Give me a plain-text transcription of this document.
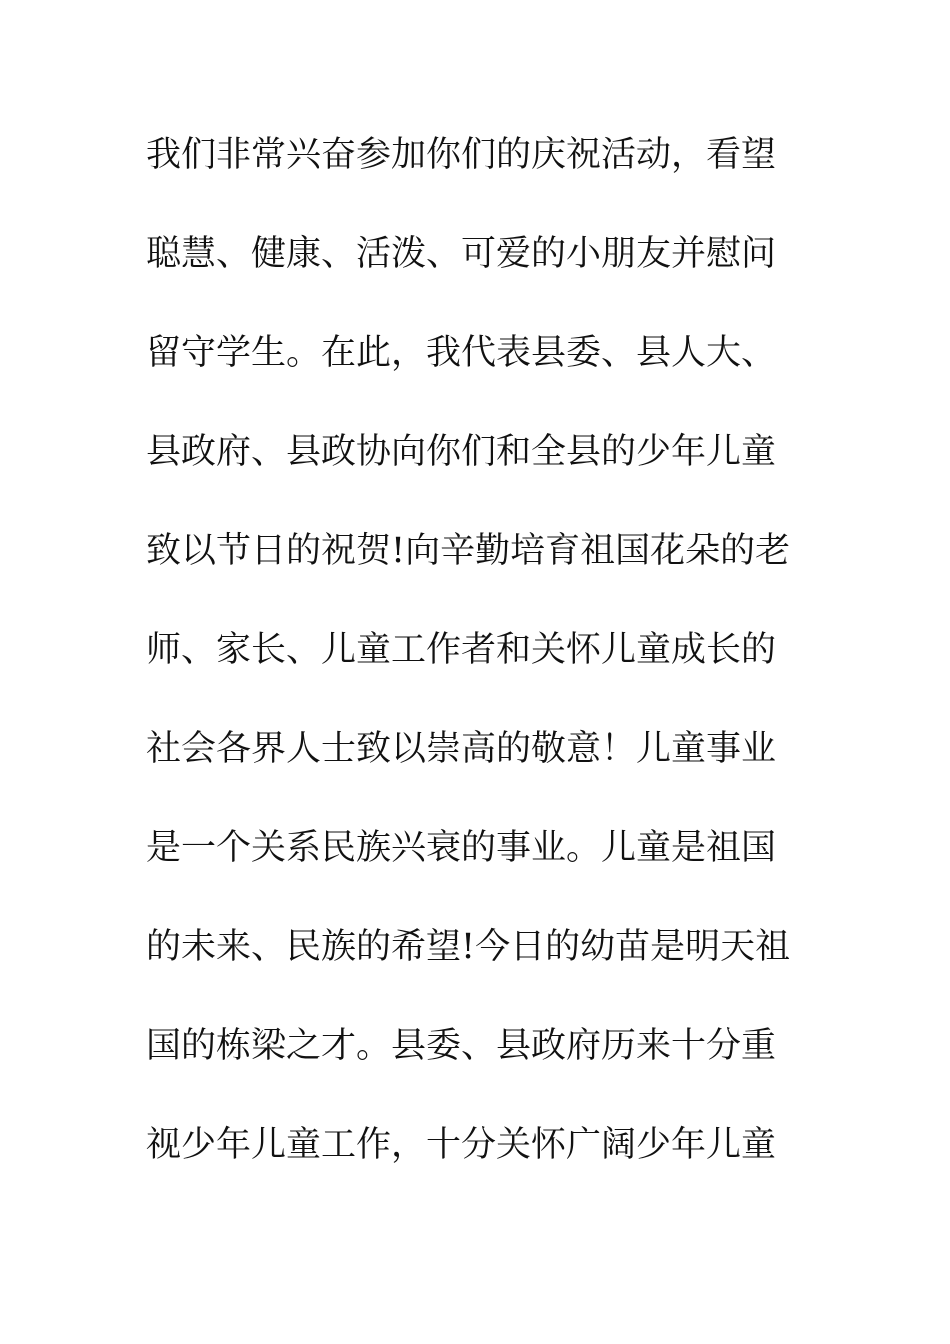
我们非常兴奋参加你们的庆祝活动，看望
聪慧、健康、活泼、可爱的小朋友并慰问
留守学生。在此，我代表县委、县人大、
县政府、县政协向你们和全县的少年儿童
致以节日的祝贺!向辛勤培育祖国花朵的老
师、家长、儿童工作者和关怀儿童成长的
社会各界人士致以崇高的敬意！儿童事业
是一个关系民族兴衰的事业。儿童是祖国
的未来、民族的希望!今日的幼苗是明天祖
国的栋梁之才。县委、县政府历来十分重
视少年儿童工作，十分关怀广阔少年儿童
